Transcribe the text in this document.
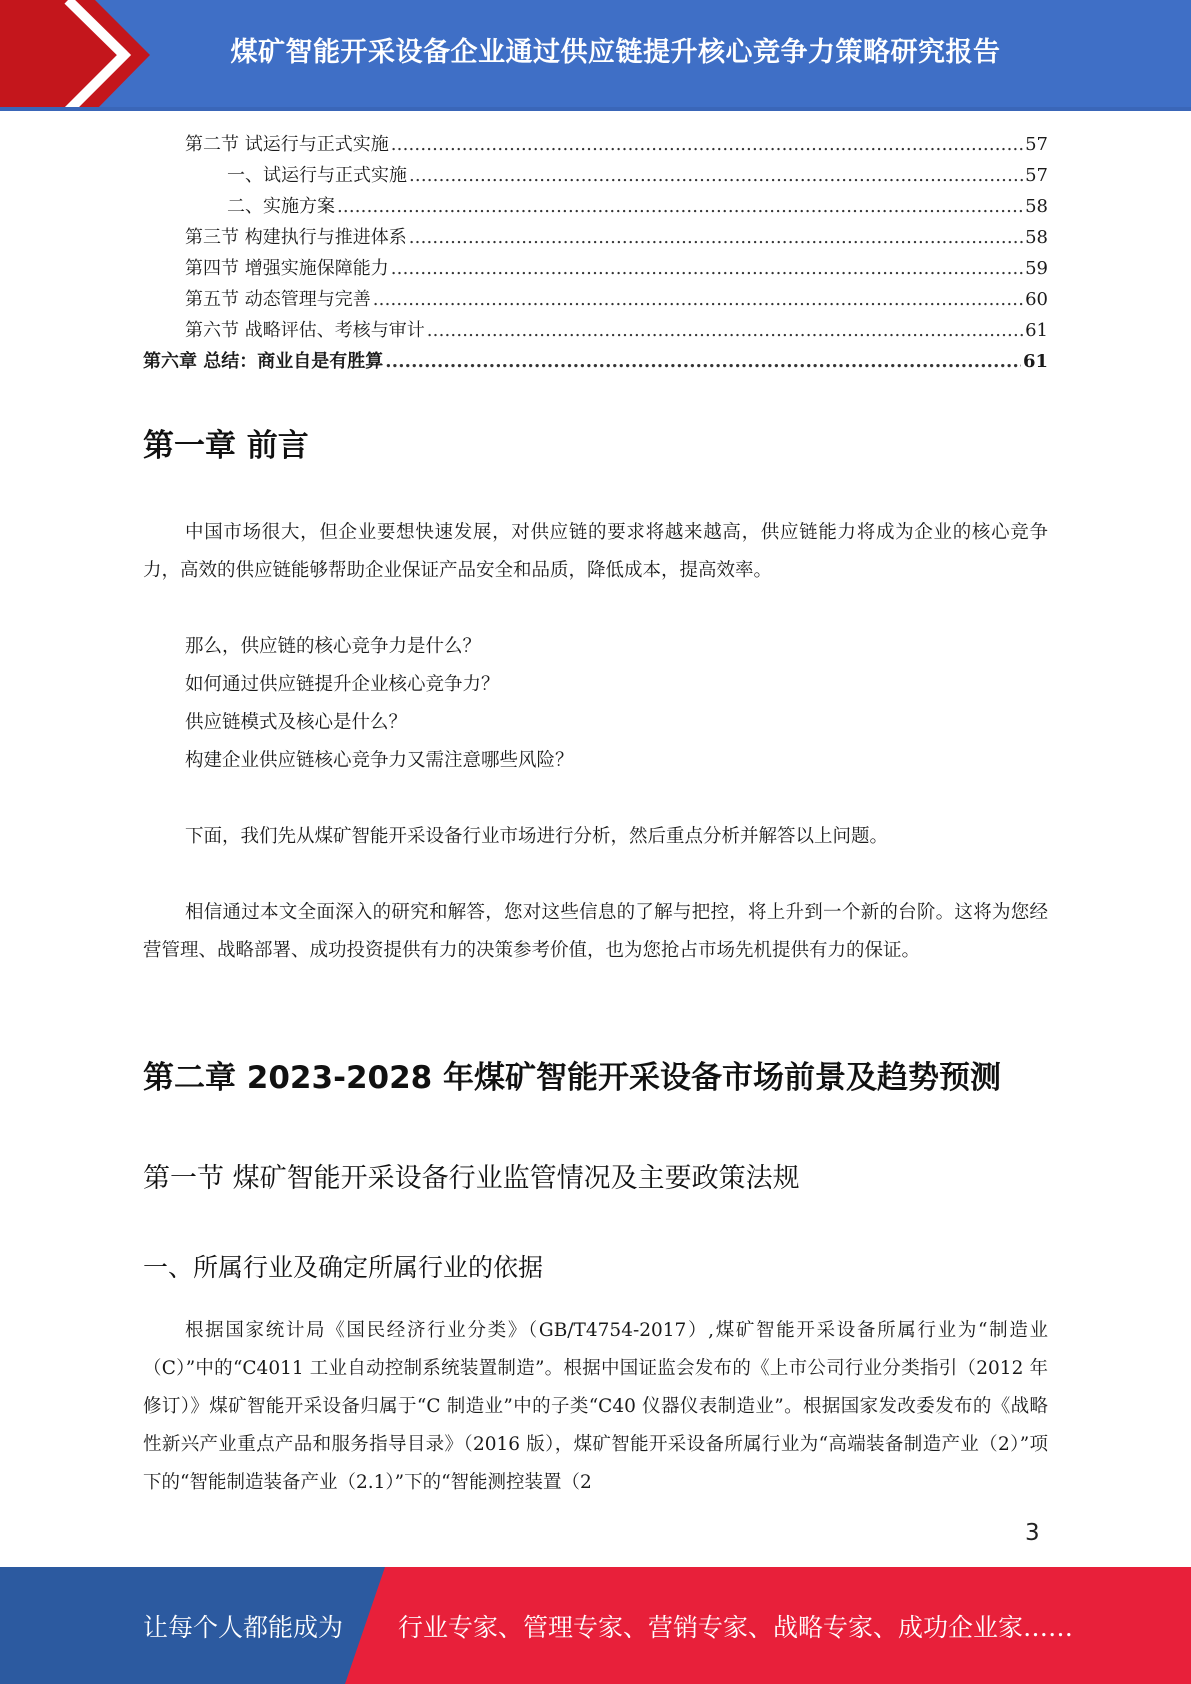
煤矿智能开采设备企业通过供应链提升核心竞争力策略研究报告
第二节 试运行与正式实施 .....	57
一、试运行与正式实施 .....	57
二、实施方案 .....	58
第三节 构建执行与推进体系 .....	58
第四节 增强实施保障能力 .....	59
第五节 动态管理与完善 .....	60
第六节 战略评估、考核与审计 .....	61
第六章 总结：商业自是有胜算 .....	61
第一章 前言
中国市场很大，但企业要想快速发展，对供应链的要求将越来越高，供应链能力将成为企业的核心竞争力，高效的供应链能够帮助企业保证产品安全和品质，降低成本，提高效率。
那么，供应链的核心竞争力是什么？
如何通过供应链提升企业核心竞争力？
供应链模式及核心是什么？
构建企业供应链核心竞争力又需注意哪些风险？
下面，我们先从煤矿智能开采设备行业市场进行分析，然后重点分析并解答以上问题。
相信通过本文全面深入的研究和解答，您对这些信息的了解与把控，将上升到一个新的台阶。这将为您经营管理、战略部署、成功投资提供有力的决策参考价值，也为您抢占市场先机提供有力的保证。
第二章 2023-2028 年煤矿智能开采设备市场前景及趋势预测
第一节 煤矿智能开采设备行业监管情况及主要政策法规
一、所属行业及确定所属行业的依据
根据国家统计局《国民经济行业分类》（GB/T4754-2017）,煤矿智能开采设备所属行业为“制造业（C）”中的“C4011 工业自动控制系统装置制造”。根据中国证监会发布的《上市公司行业分类指引（2012 年修订）》煤矿智能开采设备归属于“C 制造业”中的子类“C40 仪器仪表制造业”。根据国家发改委发布的《战略性新兴产业重点产品和服务指导目录》（2016 版），煤矿智能开采设备所属行业为“高端装备制造产业（2）”项下的“智能制造装备产业（2.1）”下的“智能测控装置（2
3
让每个人都能成为 行业专家、管理专家、营销专家、战略专家、成功企业家……
